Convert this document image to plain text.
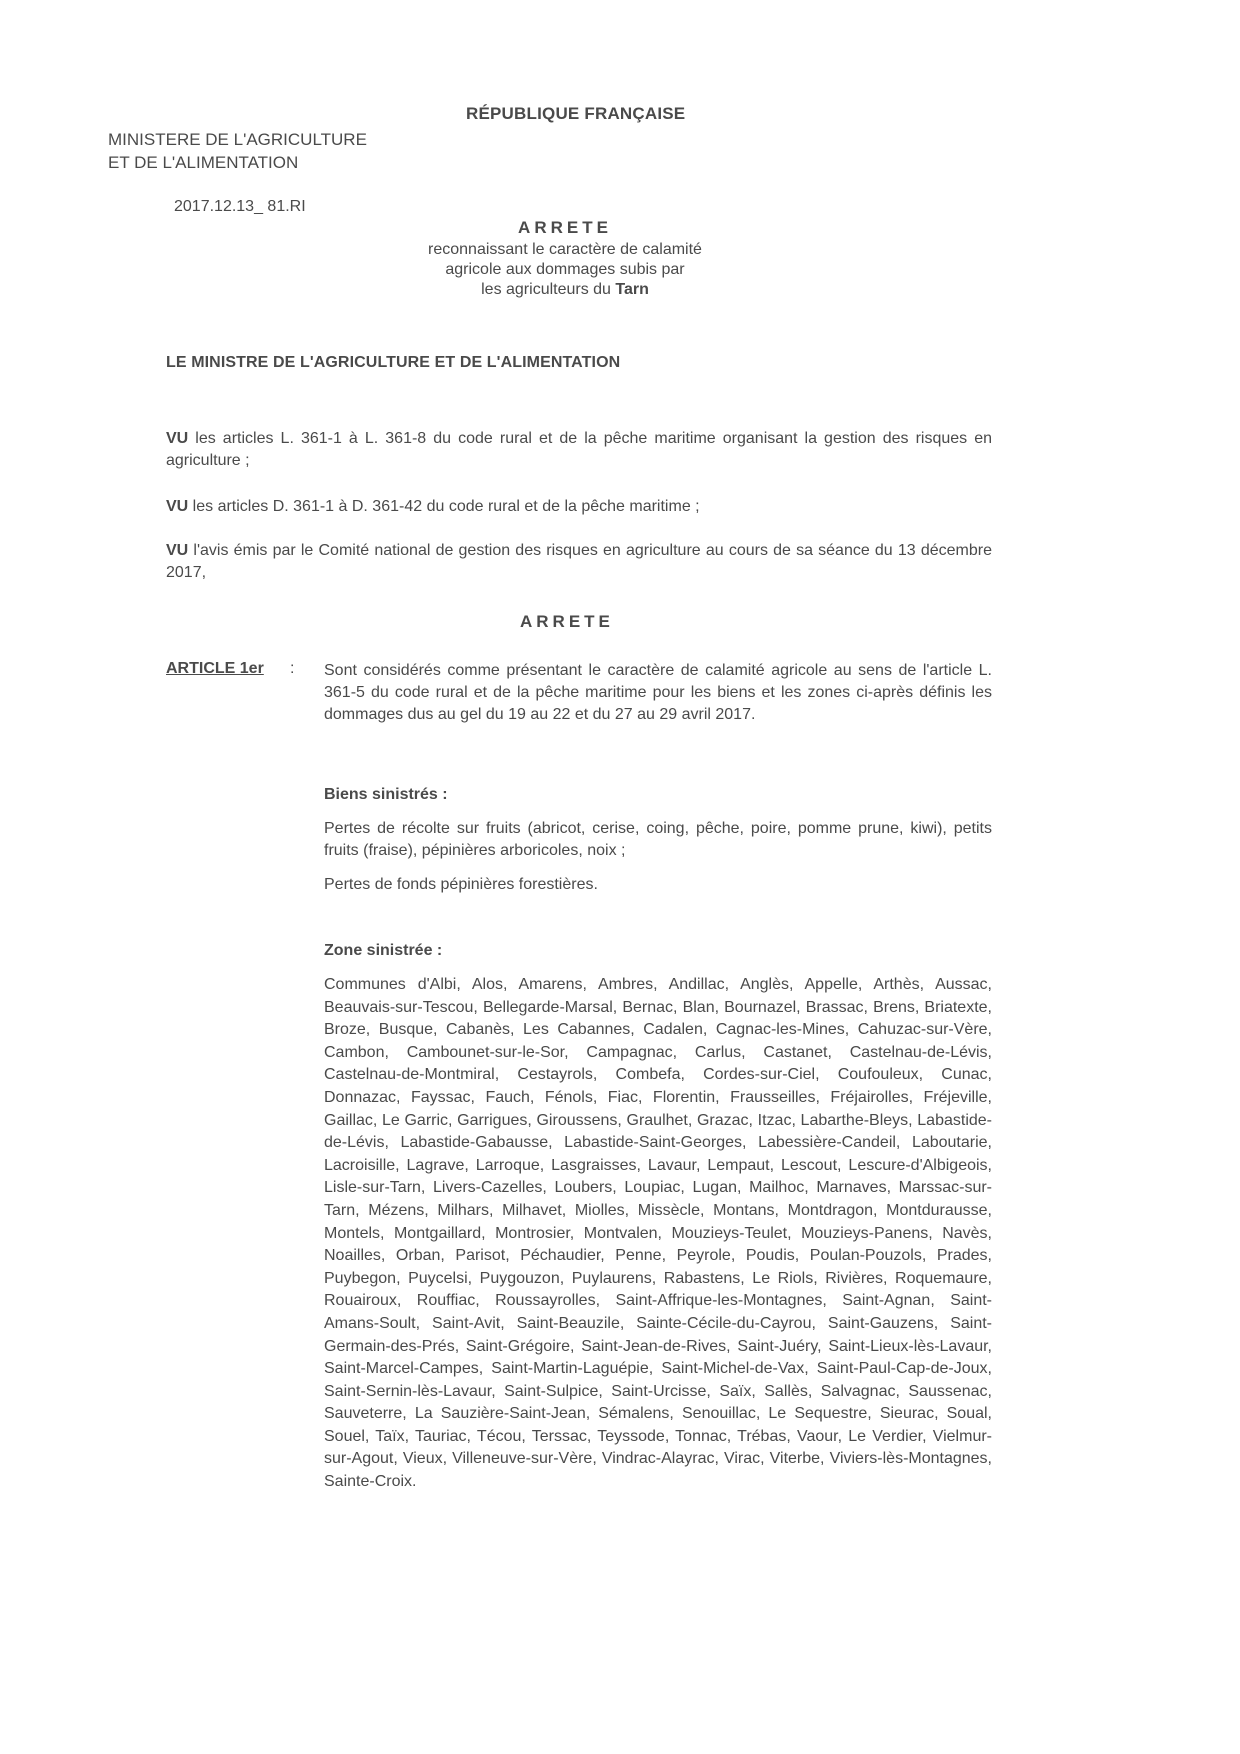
RÉPUBLIQUE FRANÇAISE
MINISTERE DE L'AGRICULTURE
ET DE L'ALIMENTATION
2017.12.13_ 81.RI
ARRETE
reconnaissant le caractère de calamité
agricole aux dommages subis par
les agriculteurs du Tarn
LE MINISTRE DE L'AGRICULTURE ET DE L'ALIMENTATION
VU les articles L. 361-1 à L. 361-8 du code rural et de la pêche maritime organisant la gestion des risques en agriculture ;
VU les articles D. 361-1 à D. 361-42 du code rural et de la pêche maritime ;
VU l'avis émis par le Comité national de gestion des risques en agriculture au cours de sa séance du 13 décembre 2017,
ARRETE
ARTICLE 1er : Sont considérés comme présentant le caractère de calamité agricole au sens de l'article L. 361-5 du code rural et de la pêche maritime pour les biens et les zones ci-après définis les dommages dus au gel du 19 au 22 et du 27 au 29 avril 2017.
Biens sinistrés :
Pertes de récolte sur fruits (abricot, cerise, coing, pêche, poire, pomme prune, kiwi), petits fruits (fraise), pépinières arboricoles, noix ;
Pertes de fonds pépinières forestières.
Zone sinistrée :
Communes d'Albi, Alos, Amarens, Ambres, Andillac, Anglès, Appelle, Arthès, Aussac, Beauvais-sur-Tescou, Bellegarde-Marsal, Bernac, Blan, Bournazel, Brassac, Brens, Briatexte, Broze, Busque, Cabanès, Les Cabannes, Cadalen, Cagnac-les-Mines, Cahuzac-sur-Vère, Cambon, Cambounet-sur-le-Sor, Campagnac, Carlus, Castanet, Castelnau-de-Lévis, Castelnau-de-Montmiral, Cestayrols, Combefa, Cordes-sur-Ciel, Coufouleux, Cunac, Donnazac, Fayssac, Fauch, Fénols, Fiac, Florentin, Frausseilles, Fréjairolles, Fréjeville, Gaillac, Le Garric, Garrigues, Giroussens, Graulhet, Grazac, Itzac, Labarthe-Bleys, Labastide-de-Lévis, Labastide-Gabausse, Labastide-Saint-Georges, Labessière-Candeil, Laboutarie, Lacroisille, Lagrave, Larroque, Lasgraisses, Lavaur, Lempaut, Lescout, Lescure-d'Albigeois, Lisle-sur-Tarn, Livers-Cazelles, Loubers, Loupiac, Lugan, Mailhoc, Marnaves, Marssac-sur-Tarn, Mézens, Milhars, Milhavet, Miolles, Missècle, Montans, Montdragon, Montdurausse, Montels, Montgaillard, Montrosier, Montvalen, Mouzieys-Teulet, Mouzieys-Panens, Navès, Noailles, Orban, Parisot, Péchaudier, Penne, Peyrole, Poudis, Poulan-Pouzols, Prades, Puybegon, Puycelsi, Puygouzon, Puylaurens, Rabastens, Le Riols, Rivières, Roquemaure, Rouairoux, Rouffiac, Roussayrolles, Saint-Affrique-les-Montagnes, Saint-Agnan, Saint-Amans-Soult, Saint-Avit, Saint-Beauzile, Sainte-Cécile-du-Cayrou, Saint-Gauzens, Saint-Germain-des-Prés, Saint-Grégoire, Saint-Jean-de-Rives, Saint-Juéry, Saint-Lieux-lès-Lavaur, Saint-Marcel-Campes, Saint-Martin-Laguépie, Saint-Michel-de-Vax, Saint-Paul-Cap-de-Joux, Saint-Sernin-lès-Lavaur, Saint-Sulpice, Saint-Urcisse, Saïx, Sallès, Salvagnac, Saussenac, Sauveterre, La Sauzière-Saint-Jean, Sémalens, Senouillac, Le Sequestre, Sieurac, Soual, Souel, Taïx, Tauriac, Técou, Terssac, Teyssode, Tonnac, Trébas, Vaour, Le Verdier, Vielmur-sur-Agout, Vieux, Villeneuve-sur-Vère, Vindrac-Alayrac, Virac, Viterbe, Viviers-lès-Montagnes, Sainte-Croix.
